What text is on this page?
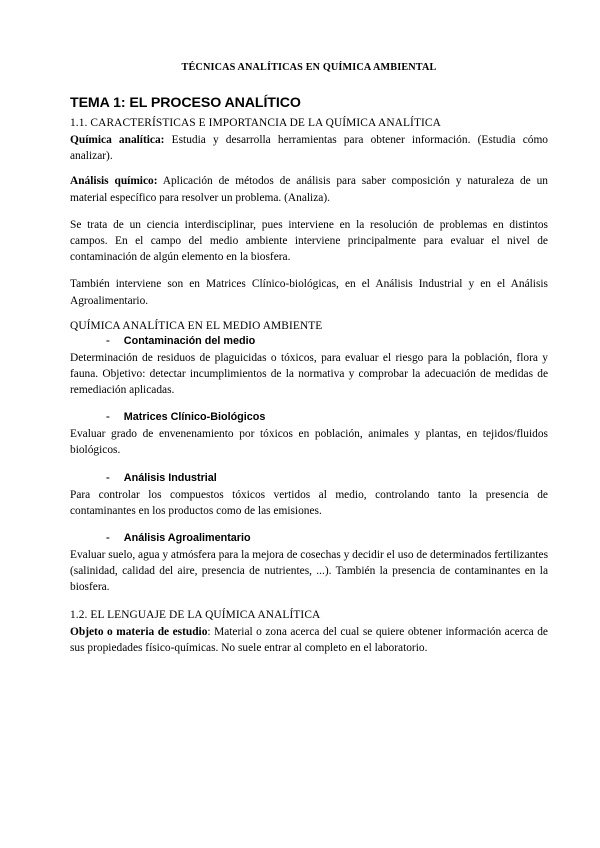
TÉCNICAS ANALÍTICAS EN QUÍMICA AMBIENTAL
TEMA 1: EL PROCESO ANALÍTICO
1.1. CARACTERÍSTICAS E IMPORTANCIA DE LA QUÍMICA ANALÍTICA

Química analítica: Estudia y desarrolla herramientas para obtener información. (Estudia cómo analizar).

Análisis químico: Aplicación de métodos de análisis para saber composición y naturaleza de un material específico para resolver un problema. (Analiza).

Se trata de un ciencia interdisciplinar, pues interviene en la resolución de problemas en distintos campos. En el campo del medio ambiente interviene principalmente para evaluar el nivel de contaminación de algún elemento en la biosfera.

También interviene son en Matrices Clínico-biológicas, en el Análisis Industrial y en el Análisis Agroalimentario.

QUÍMICA ANALÍTICA EN EL MEDIO AMBIENTE
- Contaminación del medio

Determinación de residuos de plaguicidas o tóxicos, para evaluar el riesgo para la población, flora y fauna. Objetivo: detectar incumplimientos de la normativa y comprobar la adecuación de medidas de remediación aplicadas.

- Matrices Clínico-Biológicos

Evaluar grado de envenenamiento por tóxicos en población, animales y plantas, en tejidos/fluidos biológicos.

- Análisis Industrial

Para controlar los compuestos tóxicos vertidos al medio, controlando tanto la presencia de contaminantes en los productos como de las emisiones.

- Análisis Agroalimentario

Evaluar suelo, agua y atmósfera para la mejora de cosechas y decidir el uso de determinados fertilizantes (salinidad, calidad del aire, presencia de nutrientes, ...). También la presencia de contaminantes en la biosfera.

1.2. EL LENGUAJE DE LA QUÍMICA ANALÍTICA

Objeto o materia de estudio: Material o zona acerca del cual se quiere obtener información acerca de sus propiedades físico-químicas. No suele entrar al completo en el laboratorio.
